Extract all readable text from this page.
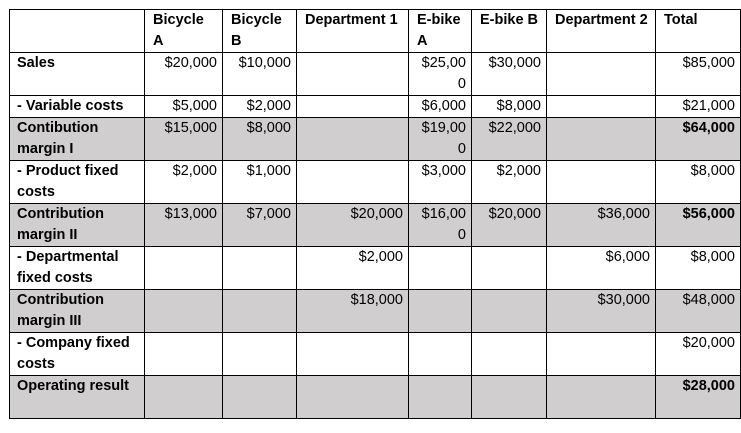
	Bicycle A	Bicycle B	Department 1	E-bike A	E-bike B	Department 2	Total
Sales	$20,000	$10,000		$25,000	$30,000		$85,000
- Variable costs	$5,000	$2,000		$6,000	$8,000		$21,000
Contibution margin I	$15,000	$8,000		$19,000	$22,000		$64,000
- Product fixed costs	$2,000	$1,000		$3,000	$2,000		$8,000
Contribution margin II	$13,000	$7,000	$20,000	$16,000	$20,000	$36,000	$56,000
- Departmental fixed costs			$2,000			$6,000	$8,000
Contribution margin III			$18,000			$30,000	$48,000
- Company fixed costs							$20,000
Operating result							$28,000
